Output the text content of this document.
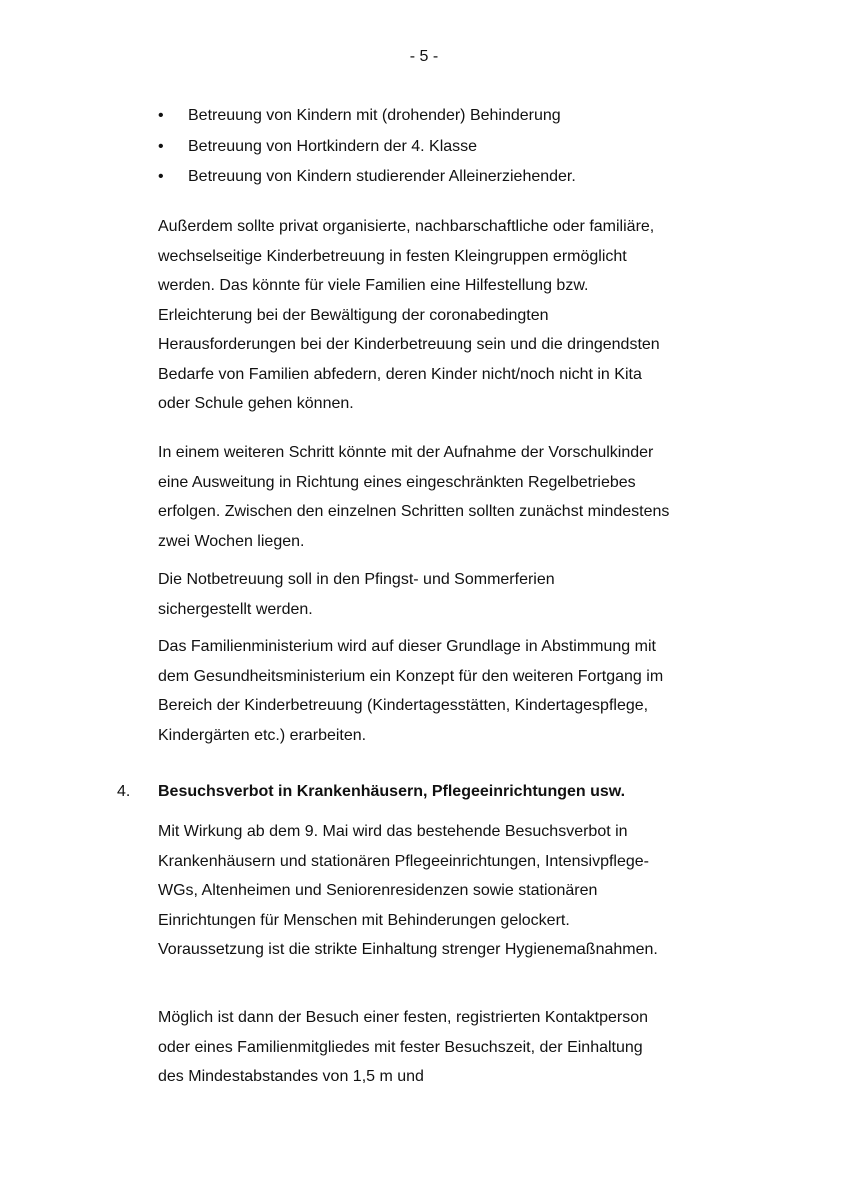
- 5 -
• Betreuung von Kindern mit (drohender) Behinderung
• Betreuung von Hortkindern der 4. Klasse
• Betreuung von Kindern studierender Alleinerziehender.
Außerdem sollte privat organisierte, nachbarschaftliche oder familiäre, wechselseitige Kinderbetreuung in festen Kleingruppen ermöglicht werden. Das könnte für viele Familien eine Hilfestellung bzw. Erleichterung bei der Bewältigung der coronabedingten Herausforderungen bei der Kinderbetreuung sein und die dringendsten Bedarfe von Familien abfedern, deren Kinder nicht/noch nicht in Kita oder Schule gehen können.
In einem weiteren Schritt könnte mit der Aufnahme der Vorschulkinder eine Ausweitung in Richtung eines eingeschränkten Regelbetriebes erfolgen. Zwischen den einzelnen Schritten sollten zunächst mindestens zwei Wochen liegen.
Die Notbetreuung soll in den Pfingst- und Sommerferien sichergestellt werden.
Das Familienministerium wird auf dieser Grundlage in Abstimmung mit dem Gesundheitsministerium ein Konzept für den weiteren Fortgang im Bereich der Kinderbetreuung (Kindertagesstätten, Kindertagespflege, Kindergärten etc.) erarbeiten.
4. Besuchsverbot in Krankenhäusern, Pflegeeinrichtungen usw.
Mit Wirkung ab dem 9. Mai wird das bestehende Besuchsverbot in Krankenhäusern und stationären Pflegeeinrichtungen, Intensivpflege-WGs, Altenheimen und Seniorenresidenzen sowie stationären Einrichtungen für Menschen mit Behinderungen gelockert. Voraussetzung ist die strikte Einhaltung strenger Hygienemaßnahmen.
Möglich ist dann der Besuch einer festen, registrierten Kontaktperson oder eines Familienmitgliedes mit fester Besuchszeit, der Einhaltung des Mindestabstandes von 1,5 m und
